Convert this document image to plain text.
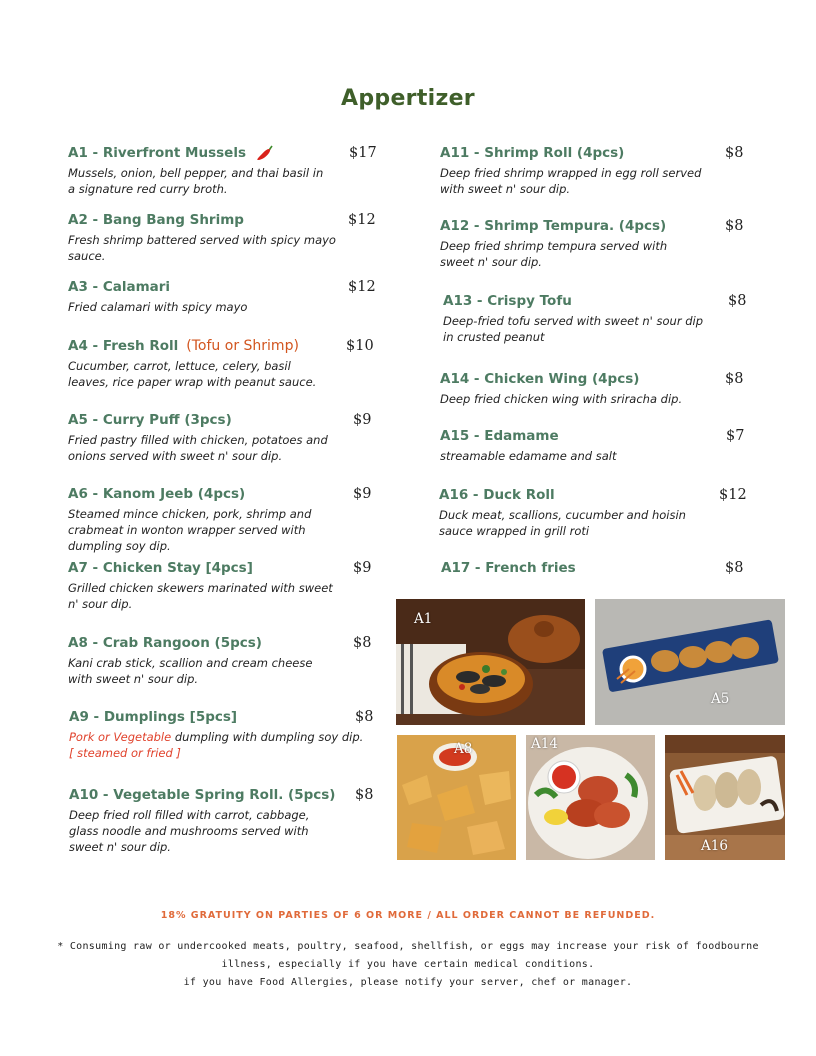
Appertizer
A1 - Riverfront Mussels	$17
Mussels, onion, bell pepper, and thai basil in
a signature red curry broth.
A2 - Bang Bang Shrimp	$12
Fresh shrimp battered served with spicy mayo
sauce.
A3 - Calamari	$12
Fried calamari with spicy mayo
A4 - Fresh Roll (Tofu or Shrimp)	$10
Cucumber, carrot, lettuce, celery, basil
leaves, rice paper wrap with peanut sauce.
A5 - Curry Puff (3pcs)	$9
Fried pastry filled with chicken, potatoes and
onions served with sweet n' sour dip.
A6 - Kanom Jeeb (4pcs)	$9
Steamed mince chicken, pork, shrimp and
crabmeat in wonton wrapper served with
dumpling soy dip.
A7 - Chicken Stay [4pcs]	$9
Grilled chicken skewers marinated with sweet
n' sour dip.
A8 - Crab Rangoon (5pcs)	$8
Kani crab stick, scallion and cream cheese
with sweet n' sour dip.
A9 - Dumplings [5pcs]	$8
Pork or Vegetable dumpling with dumpling soy dip.
[ steamed or fried ]
A10 - Vegetable Spring Roll. (5pcs) $8
Deep fried roll filled with carrot, cabbage,
glass noodle and mushrooms served with
sweet n' sour dip.
A11 - Shrimp Roll (4pcs)	$8
Deep fried shrimp wrapped in egg roll served
with sweet n' sour dip.
A12 - Shrimp Tempura. (4pcs)	$8
Deep fried shrimp tempura served with
sweet n' sour dip.
A13 - Crispy Tofu	$8
Deep-fried tofu served with sweet n' sour dip
in crusted peanut
A14 - Chicken Wing (4pcs)	$8
Deep fried chicken wing with sriracha dip.
A15 - Edamame	$7
streamable edamame and salt
A16 - Duck Roll	$12
Duck meat, scallions, cucumber and hoisin
sauce wrapped in grill roti
A17 - French fries	$8
A1
A5
A8	A14
A16
18% GRATUITY ON PARTIES OF 6 OR MORE / ALL ORDER CANNOT BE REFUNDED.
* Consuming raw or undercooked meats, poultry, seafood, shellfish, or eggs may increase your risk of foodbourne
illness, especially if you have certain medical conditions.
if you have Food Allergies, please notify your server, chef or manager.
